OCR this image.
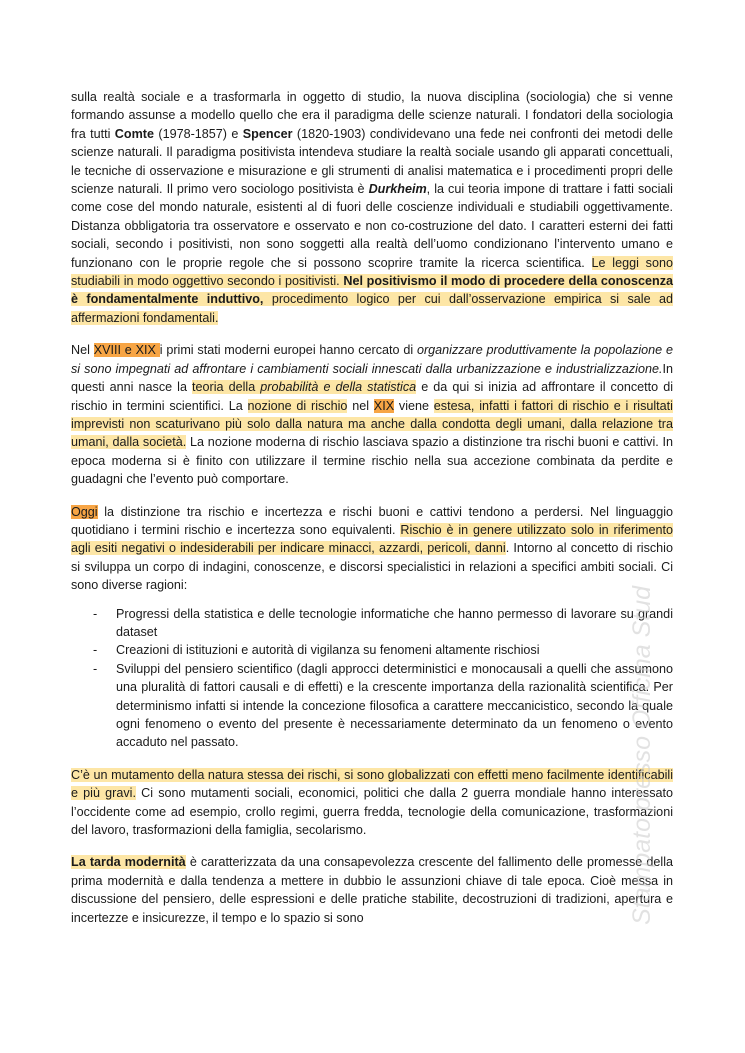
sulla realtà sociale e a trasformarla in oggetto di studio, la nuova disciplina (sociologia) che si venne formando assunse a modello quello che era il paradigma delle scienze naturali. I fondatori della sociologia fra tutti Comte (1978-1857) e Spencer (1820-1903) condividevano una fede nei confronti dei metodi delle scienze naturali. Il paradigma positivista intendeva studiare la realtà sociale usando gli apparati concettuali, le tecniche di osservazione e misurazione e gli strumenti di analisi matematica e i procedimenti propri delle scienze naturali. Il primo vero sociologo positivista è Durkheim, la cui teoria impone di trattare i fatti sociali come cose del mondo naturale, esistenti al di fuori delle coscienze individuali e studiabili oggettivamente. Distanza obbligatoria tra osservatore e osservato e non co-costruzione del dato. I caratteri esterni dei fatti sociali, secondo i positivisti, non sono soggetti alla realtà dell’uomo condizionano l’intervento umano e funzionano con le proprie regole che si possono scoprire tramite la ricerca scientifica. Le leggi sono studiabili in modo oggettivo secondo i positivisti. Nel positivismo il modo di procedere della conoscenza è fondamentalmente induttivo, procedimento logico per cui dall’osservazione empirica si sale ad affermazioni fondamentali.

Nel XVIII e XIX i primi stati moderni europei hanno cercato di organizzare produttivamente la popolazione e si sono impegnati ad affrontare i cambiamenti sociali innescati dalla urbanizzazione e industrializzazione.In questi anni nasce la teoria della probabilità e della statistica e da qui si inizia ad affrontare il concetto di rischio in termini scientifici. La nozione di rischio nel XIX viene estesa, infatti i fattori di rischio e i risultati imprevisti non scaturivano più solo dalla natura ma anche dalla condotta degli umani, dalla relazione tra umani, dalla società. La nozione moderna di rischio lasciava spazio a distinzione tra rischi buoni e cattivi. In epoca moderna si è finito con utilizzare il termine rischio nella sua accezione combinata da perdite e guadagni che l’evento può comportare.

Oggi la distinzione tra rischio e incertezza e rischi buoni e cattivi tendono a perdersi. Nel linguaggio quotidiano i termini rischio e incertezza sono equivalenti. Rischio è in genere utilizzato solo in riferimento agli esiti negativi o indesiderabili per indicare minacci, azzardi, pericoli, danni. Intorno al concetto di rischio si sviluppa un corpo di indagini, conoscenze, e discorsi specialistici in relazioni a specifici ambiti sociali. Ci sono diverse ragioni:

- Progressi della statistica e delle tecnologie informatiche che hanno permesso di lavorare su grandi dataset
- Creazioni di istituzioni e autorità di vigilanza su fenomeni altamente rischiosi
- Sviluppi del pensiero scientifico (dagli approcci deterministici e monocausali a quelli che assumono una pluralità di fattori causali e di effetti) e la crescente importanza della razionalità scientifica. Per determinismo infatti si intende la concezione filosofica a carattere meccanicistico, secondo la quale ogni fenomeno o evento del presente è necessariamente determinato da un fenomeno o evento accaduto nel passato.

C’è un mutamento della natura stessa dei rischi, si sono globalizzati con effetti meno facilmente identificabili e più gravi. Ci sono mutamenti sociali, economici, politici che dalla 2 guerra mondiale hanno interessato l’occidente come ad esempio, crollo regimi, guerra fredda, tecnologie della comunicazione, trasformazioni del lavoro, trasformazioni della famiglia, secolarismo.

La tarda modernità è caratterizzata da una consapevolezza crescente del fallimento delle promesse della prima modernità e dalla tendenza a mettere in dubbio le assunzioni chiave di tale epoca. Cioè messa in discussione del pensiero, delle espressioni e delle pratiche stabilite, decostruzioni di tradizioni, apertura e incertezze e insicurezze, il tempo e lo spazio si sono	Stampato presso Officina Stud
